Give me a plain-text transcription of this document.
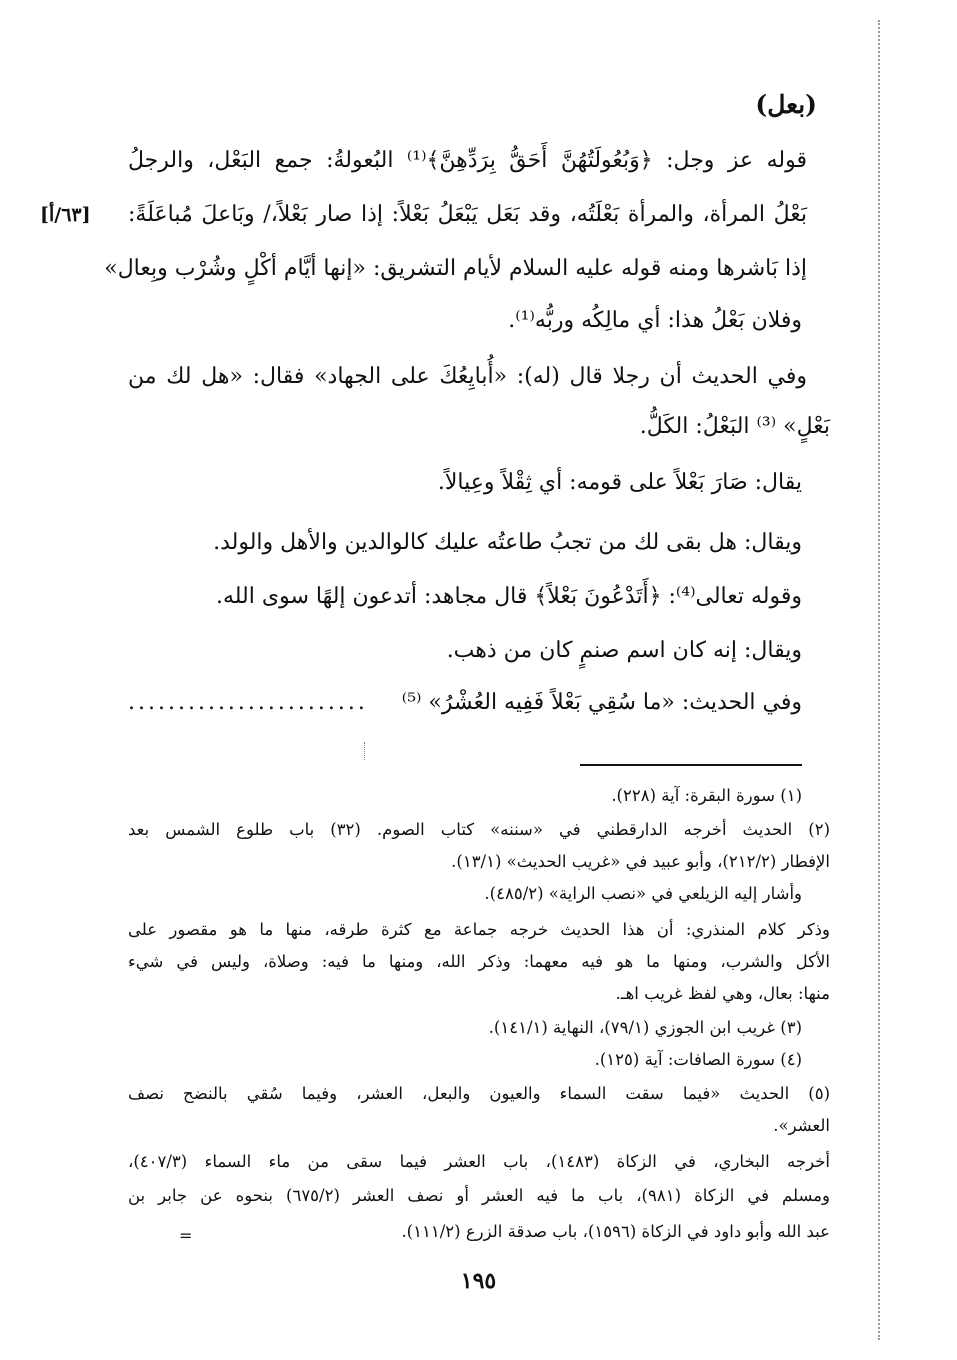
(بعل)
[٦٣/أ]
قوله عز وجل: ﴿وَبُعُولَتُهُنَّ أَحَقُّ بِرَدِّهِنَّ﴾⁽¹⁾ البُعولةُ: جمع البَعْل، والرجلُ
بَعْلُ المرأة، والمرأة بَعْلَتُه، وقد بَعَل يَبْعَلُ بَعْلاً: إذا صار بَعْلاً،/ وبَاعلَ مُباعَلَةً:
إذا بَاشرها ومنه قوله عليه السلام لأيام التشريق: «إنها أيَّام أكْلٍ وشُرْب وبِعال»
وفلان بَعْلُ هذا: أي مالِكُه وربُّه⁽¹⁾.
وفي الحديث أن رجلا قال (له): «أُبايِعُكَ على الجهاد» فقال: «هل لك من
بَعْلٍ» ⁽³⁾ البَعْلُ: الكَلُّ.
يقال: صَارَ بَعْلاً على قومه: أي ثِقْلاً وعِيالاً.
ويقال: هل بقى لك من تجبُ طاعتُه عليك كالوالدين والأهل والولد.
وقوله تعالى⁽⁴⁾: ﴿أَتَدْعُونَ بَعْلاً﴾ قال مجاهد: أتدعون إلهًا سوى الله.
ويقال: إنه كان اسم صنمٍ كان من ذهب.
وفي الحديث: «ما سُقِي بَعْلاً فَفِيه العُشْرُ» ⁽⁵⁾
........................
(١) سورة البقرة: آية (٢٢٨).
(٢) الحديث أخرجه الدارقطني في «سننه» كتاب الصوم. (٣٢) باب طلوع الشمس بعد
الإفطار (٢١٢/٢)، وأبو عبيد في «غريب الحديث» (١٣/١).
وأشار إليه الزيلعي في «نصب الراية» (٤٨٥/٢).
وذكر كلام المنذري: أن هذا الحديث خرجه جماعة مع كثرة طرقه، منها ما هو مقصور على
الأكل والشرب، ومنها ما هو فيه معهما: وذكر الله، ومنها ما فيه: وصلاة، وليس في شيء
منها: بعال، وهي لفظ غريب اهـ.
(٣) غريب ابن الجوزي (٧٩/١)، النهاية (١٤١/١).
(٤) سورة الصافات: آية (١٢٥).
(٥) الحديث «فيما سقت السماء والعيون والبعل، العشر، وفيما سُقي بالنضح نصف
العشر».
أخرجه البخاري، في الزكاة (١٤٨٣)، باب العشر فيما سقى من ماء السماء (٤٠٧/٣)،
ومسلم في الزكاة (٩٨١)، باب ما فيه العشر أو نصف العشر (٦٧٥/٢) بنحوه عن جابر بن
عبد الله وأبو داود في الزكاة (١٥٩٦)، باب صدقة الزرع (١١١/٢).
=
١٩٥
